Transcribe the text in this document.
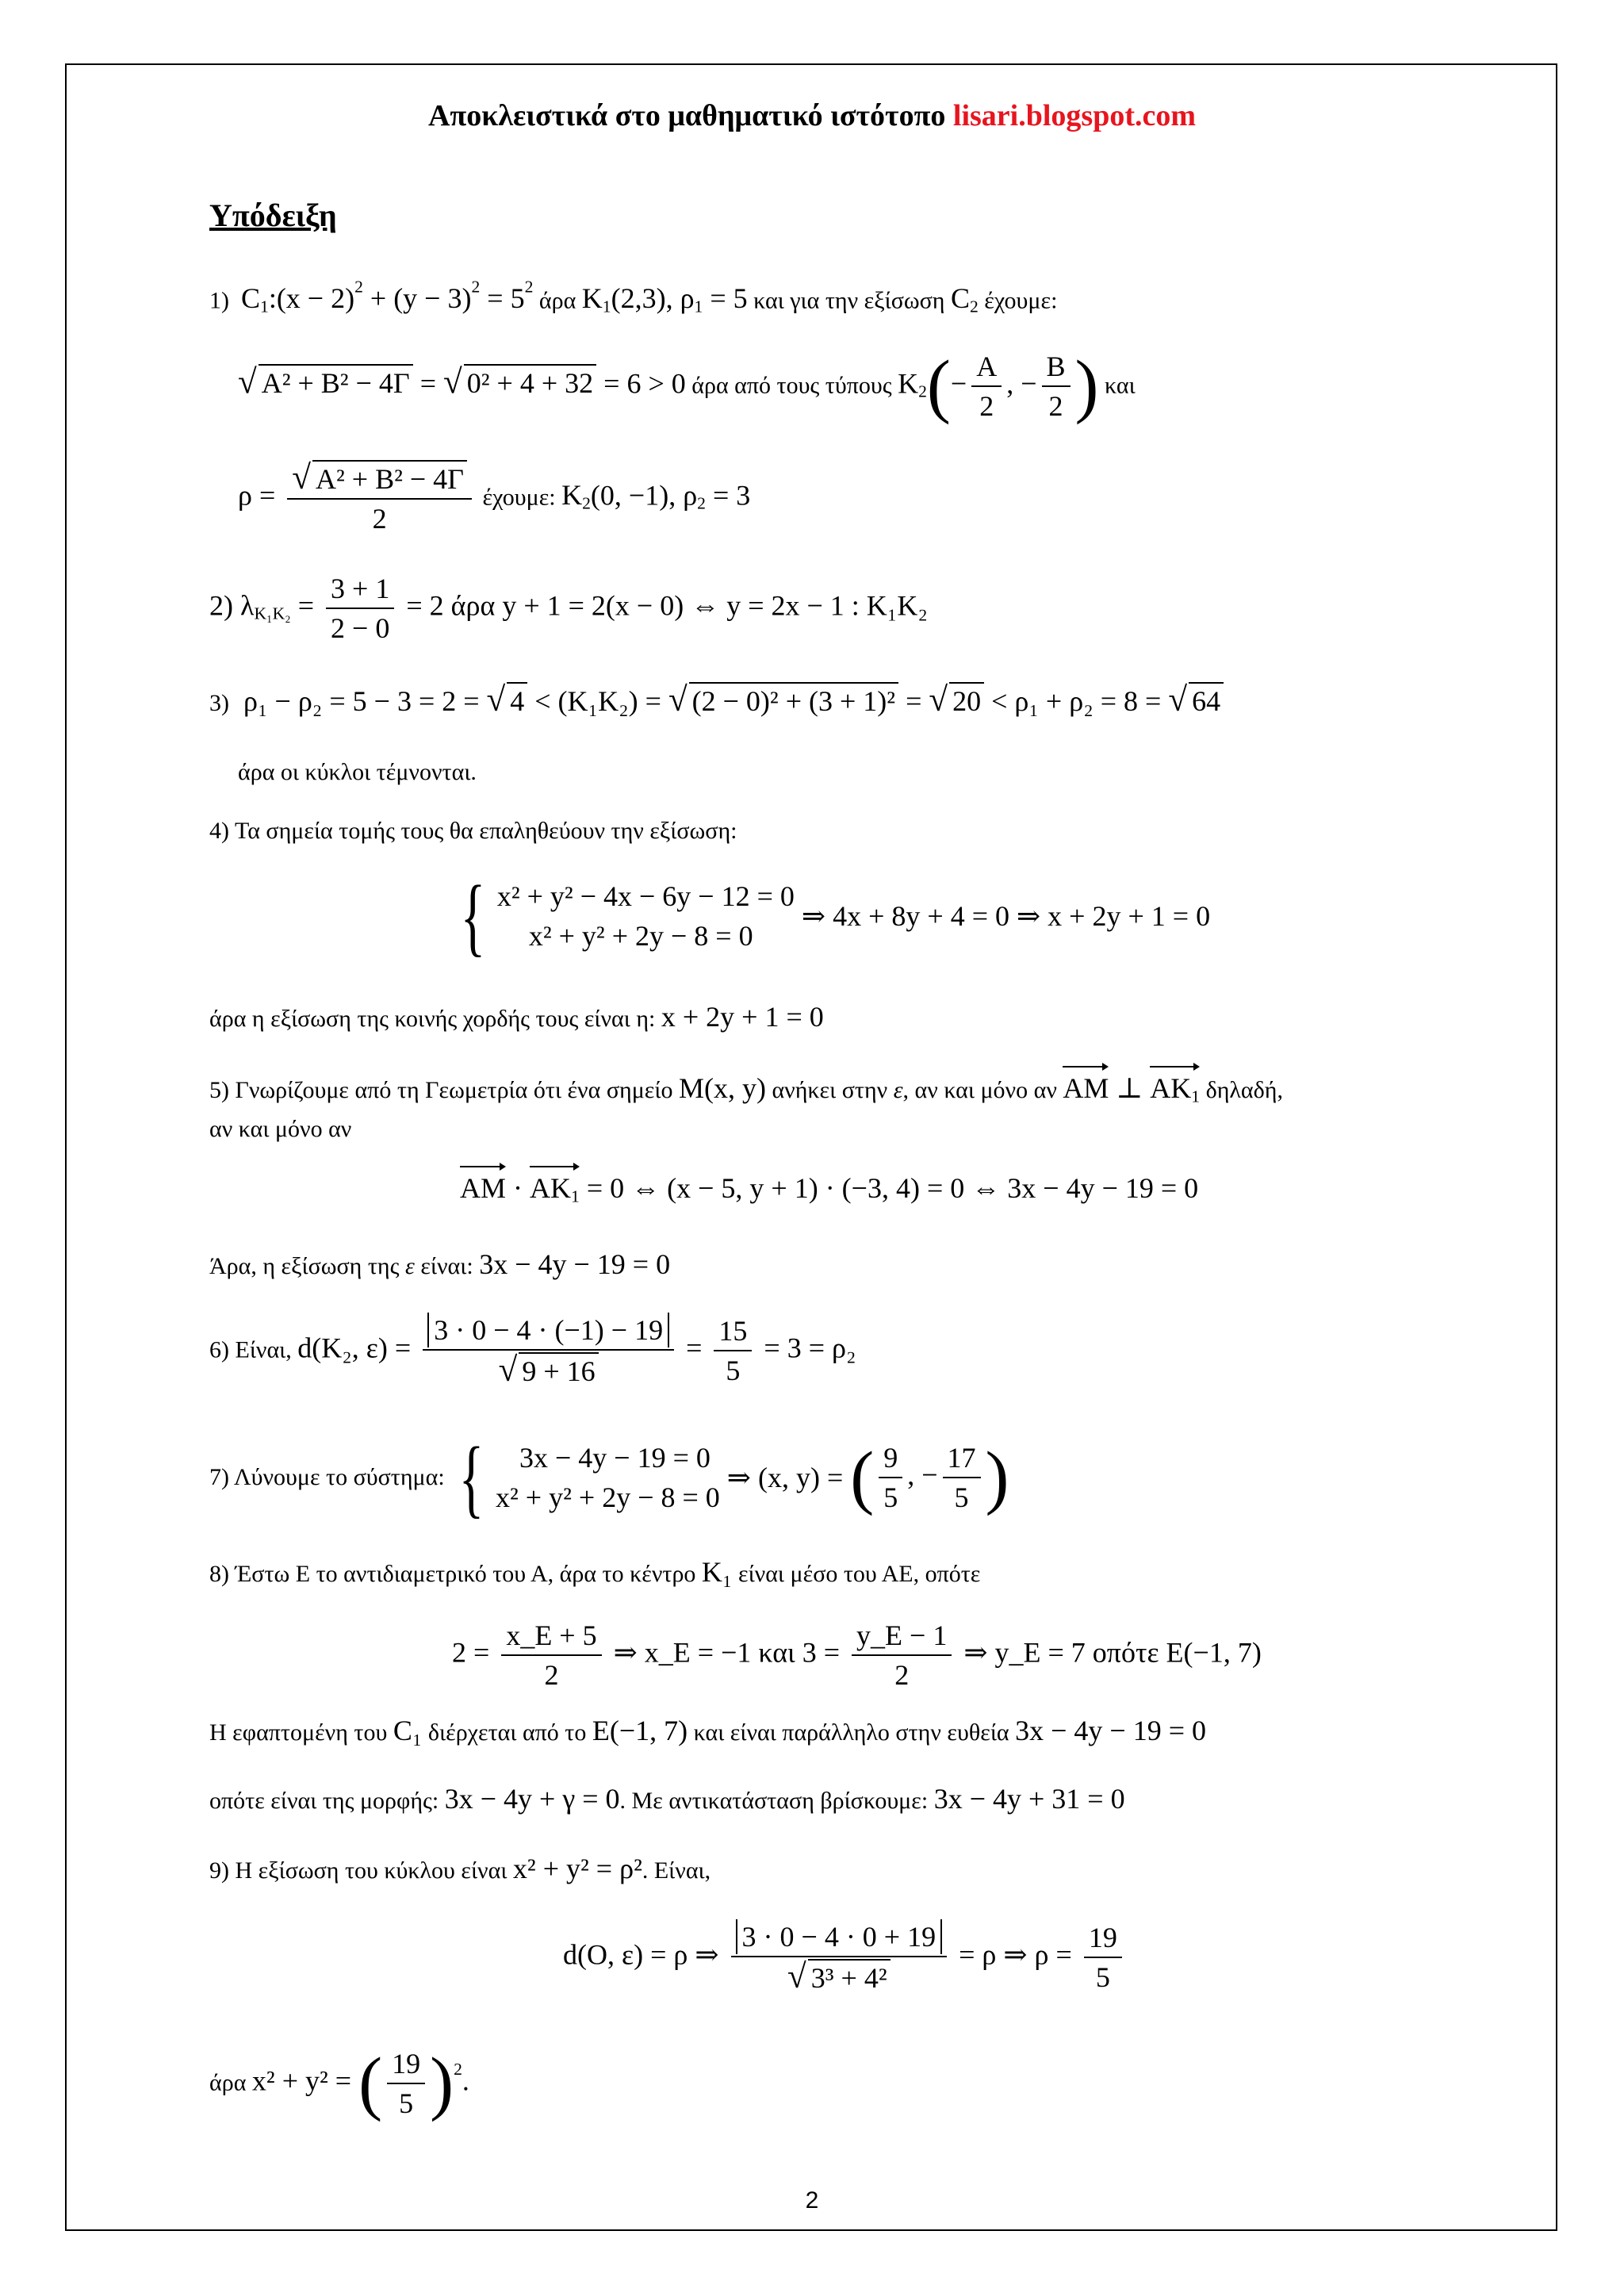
Αποκλειστικά στο μαθηματικό ιστότοπο lisari.blogspot.com
Υπόδειξη
1) $C_1:(x - 2)^2 + (y - 3)^2 = 5^2$ άρα $K_1(2,3)$, $\rho_1 = 5$ και για την εξίσωση $C_2$ έχουμε:
√ A² + B² − 4Γ = √ 0² + 4 + 32 = 6 > 0 άρα από τους τύπους $K_2(- \frac{A}{2}$ , − $\frac{B}{2}$ ) και
$\rho = \frac{\text{√ A² + B² − 4Γ}}{2} έ\chi o\upsilon\mu\varepsilon$: $K_2(0$, −1), $\rho_2 = 3$
2) $\lambda_{K_1K_2} = \frac{3 + 1}{2 - 0} = 2$ άρα y + 1 = 2(x − 0) ⇔ y = 2x − 1 : K₁K₂
3) ρ₁ − ρ₂ = 5 − 3 = 2 = √ 4 < (K₁K₂) = √ (2 − 0)² + (3 + 1)² = √ 20 < ρ₁ + ρ₂ = 8 = √ 64
άρα οι κύκλοι τέμνονται.
4) Τα σημεία τομής τους θα επαληθεύουν την εξίσωση:
{ x² + y² − 4x − 6y − 12 = 0
x² + y² + 2y − 8 = 0
⇒ 4x + 8y + 4 = 0 ⇒ x + 2y + 1 = 0
άρα η εξίσωση της κοινής χορδής τους είναι η: x + 2y + 1 = 0
5) Γνωρίζουμε από τη Γεωμετρία ότι ένα σημείο M(x, y) ανήκει στην ε, αν και μόνο αν AM ⊥ $AK_1$ δηλαδή,
αν και μόνο αν
AM · $AK_1 = 0$ ⇔ (x − 5, y + 1) · (−3, 4) = 0 ⇔ 3x − 4y − 19 = 0
Άρα, η εξίσωση της ε είναι: 3x − 4y − 19 = 0
6) Είναι, d(K₂, $\varepsilon) = \frac{3 \cdot 0 - 4 \cdot (-1) - 19}{√ 9 + 16} = \frac{15}{5} = 3 = \rho_2$
7) Λύνουμε το σύστημα: {	3x − 4y − 19 = 0
x² + y² + 2y − 8 = 0
⇒ (x, y) = ( $\frac{9}{5}$ , − $\frac{17}{5}$ )
8) Έστω Ε το αντιδιαμετρικό του Α, άρα το κέντρο K₁ είναι μέσο του ΑΕ, οπότε
$2 = \frac{x\_E + 5}{2}$ ⇒ x_E = −1 και $3 = \frac{y\_E - 1}{2}$ ⇒ y_E = 7 οπότε E(−1, 7)
Η εφαπτομένη του C₁ διέρχεται από το E(−1, 7) και είναι παράλληλο στην ευθεία 3x − 4y − 19 = 0
οπότε είναι της μορφής: 3x − 4y + γ = 0. Με αντικατάσταση βρίσκουμε: 3x − 4y + 31 = 0
9) Η εξίσωση του κύκλου είναι x² + y² = ρ². Είναι,
d(O, ε) = ρ ⇒ $\frac{3 \cdot 0 - 4 \cdot 0 + 19}{\text{√ 3³ + 4²}} = \rho$ ⇒ $\rho = \frac{19}{5}$
άρα x² + y² = ( $\frac{19}{5} )^2$.
2
